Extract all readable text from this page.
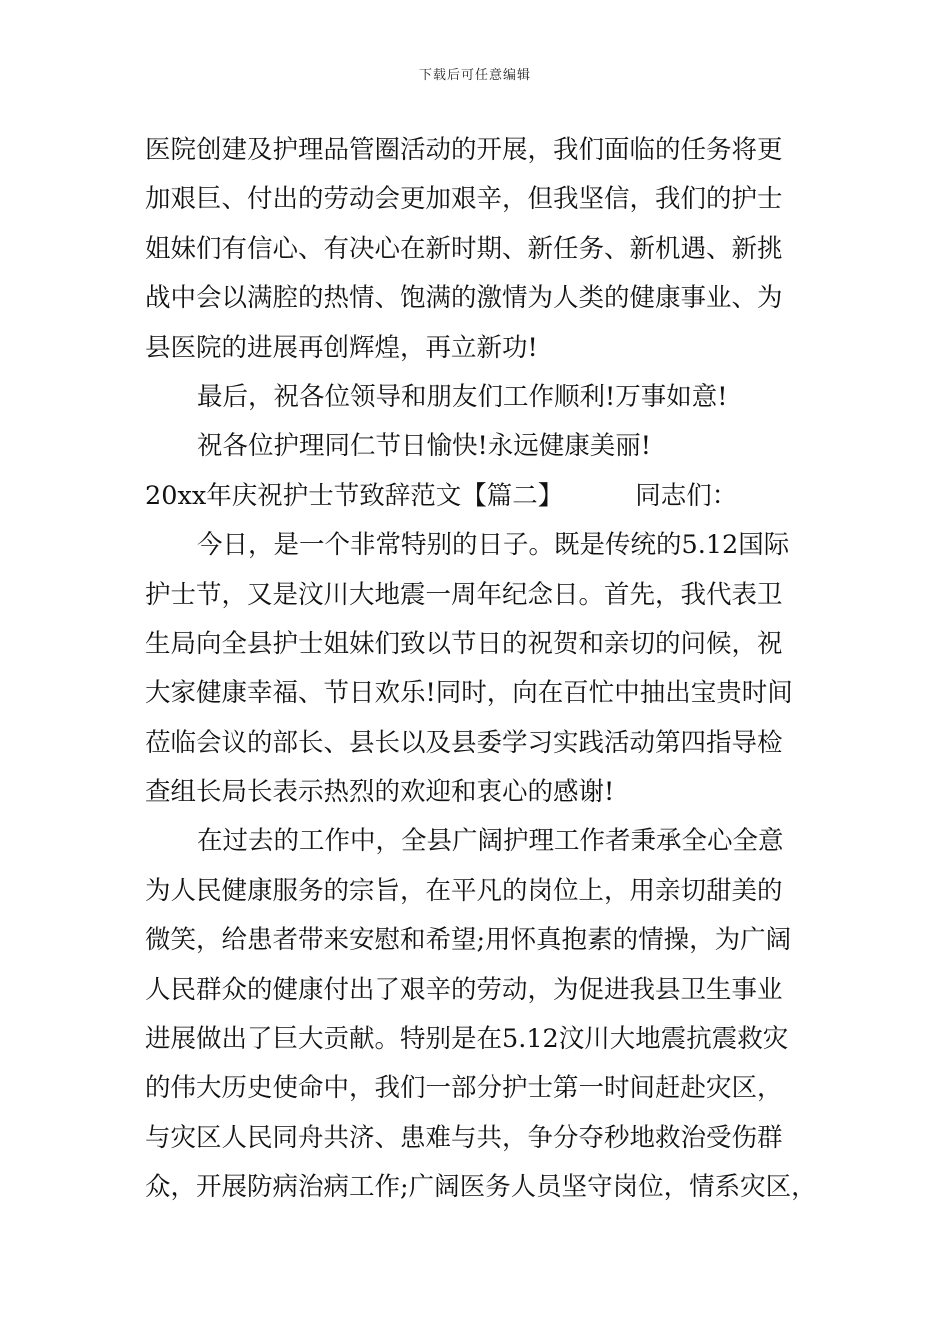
下载后可任意编辑
医院创建及护理品管圈活动的开展，我们面临的任务将更
加艰巨、付出的劳动会更加艰辛，但我坚信，我们的护士
姐妹们有信心、有决心在新时期、新任务、新机遇、新挑
战中会以满腔的热情、饱满的激情为人类的健康事业、为
县医院的进展再创辉煌，再立新功!
最后，祝各位领导和朋友们工作顺利!万事如意!
祝各位护理同仁节日愉快!永远健康美丽!
20xx年庆祝护士节致辞范文【篇二】	同志们：
今日，是一个非常特别的日子。既是传统的5.12国际
护士节，又是汶川大地震一周年纪念日。首先，我代表卫
生局向全县护士姐妹们致以节日的祝贺和亲切的问候，祝
大家健康幸福、节日欢乐!同时，向在百忙中抽出宝贵时间
莅临会议的部长、县长以及县委学习实践活动第四指导检
查组长局长表示热烈的欢迎和衷心的感谢!
在过去的工作中，全县广阔护理工作者秉承全心全意
为人民健康服务的宗旨，在平凡的岗位上，用亲切甜美的
微笑，给患者带来安慰和希望;用怀真抱素的情操，为广阔
人民群众的健康付出了艰辛的劳动，为促进我县卫生事业
进展做出了巨大贡献。特别是在5.12汶川大地震抗震救灾
的伟大历史使命中，我们一部分护士第一时间赶赴灾区，
与灾区人民同舟共济、患难与共，争分夺秒地救治受伤群
众，开展防病治病工作;广阔医务人员坚守岗位，情系灾区，
